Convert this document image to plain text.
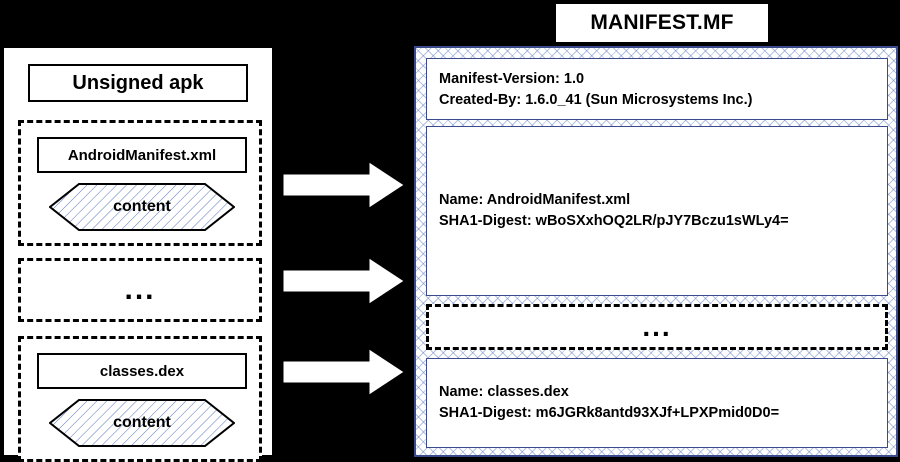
MANIFEST.MF
Unsigned apk
AndroidManifest.xml
content
...
classes.dex
content
Manifest-Version: 1.0
Created-By: 1.6.0_41 (Sun Microsystems Inc.)
Name: AndroidManifest.xml
SHA1-Digest: wBoSXxhOQ2LR/pJY7Bczu1sWLy4=
...
Name: classes.dex
SHA1-Digest: m6JGRk8antd93XJf+LPXPmid0D0=
